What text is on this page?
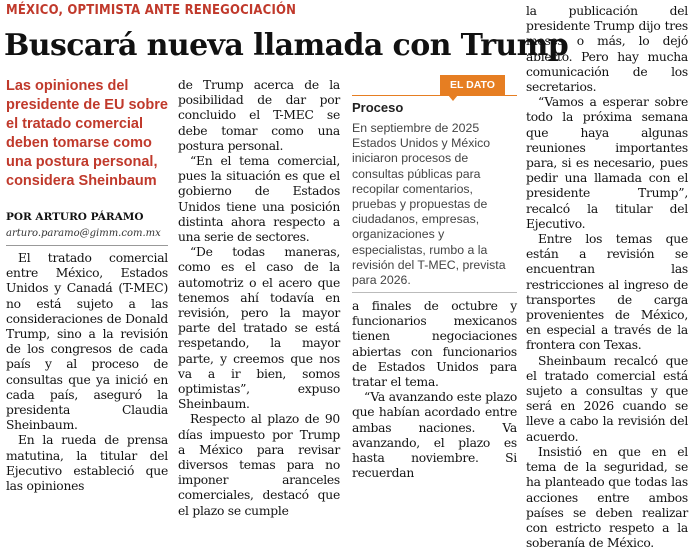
MÉXICO, OPTIMISTA ANTE RENEGOCIACIÓN
Buscará nueva llamada con Trump
Las opiniones del presidente de EU sobre el tratado comercial deben tomarse como una postura personal, considera Sheinbaum
POR ARTURO PÁRAMO
arturo.paramo@gimm.com.mx

El tratado comercial entre México, Estados Unidos y Canadá (T-MEC) no está sujeto a las consideraciones de Donald Trump, sino a la revisión de los congresos de cada país y al proceso de consultas que ya inició en cada país, aseguró la presidenta Claudia Sheinbaum.

En la rueda de prensa matutina, la titular del Ejecutivo estableció que las opiniones

de Trump acerca de la posibilidad de dar por concluido el T-MEC se debe tomar como una postura personal.

“En el tema comercial, pues la situación es que el gobierno de Estados Unidos tiene una posición distinta ahora respecto a una serie de sectores.

“De todas maneras, como es el caso de la automotriz o el acero que tenemos ahí todavía en revisión, pero la mayor parte del tratado se está respetando, la mayor parte, y creemos que nos va a ir bien, somos optimistas”, expuso Sheinbaum.

Respecto al plazo de 90 días impuesto por Trump a México para revisar diversos temas para no imponer aranceles comerciales, destacó que el plazo se cumple

EL DATO
Proceso
En septiembre de 2025 Estados Unidos y México iniciaron procesos de consultas públicas para recopilar comentarios, pruebas y propuestas de ciudadanos, empresas, organizaciones y especialistas, rumbo a la revisión del T-MEC, prevista para 2026.

a finales de octubre y funcionarios mexicanos tienen negociaciones abiertas con funcionarios de Estados Unidos para tratar el tema.

“Va avanzando este plazo que habían acordado entre ambas naciones. Va avanzando, el plazo es hasta noviembre. Si recuerdan

la publicación del presidente Trump dijo tres meses o más, lo dejó abierto. Pero hay mucha comunicación de los secretarios.

“Vamos a esperar sobre todo la próxima semana que haya algunas reuniones importantes para, si es necesario, pues pedir una llamada con el presidente Trump”, recalcó la titular del Ejecutivo.

Entre los temas que están a revisión se encuentran las restricciones al ingreso de transportes de carga provenientes de México, en especial a través de la frontera con Texas.

Sheinbaum recalcó que el tratado comercial está sujeto a consultas y que será en 2026 cuando se lleve a cabo la revisión del acuerdo.

Insistió en que en el tema de la seguridad, se ha planteado que todas las acciones entre ambos países se deben realizar con estricto respeto a la soberanía de México.
